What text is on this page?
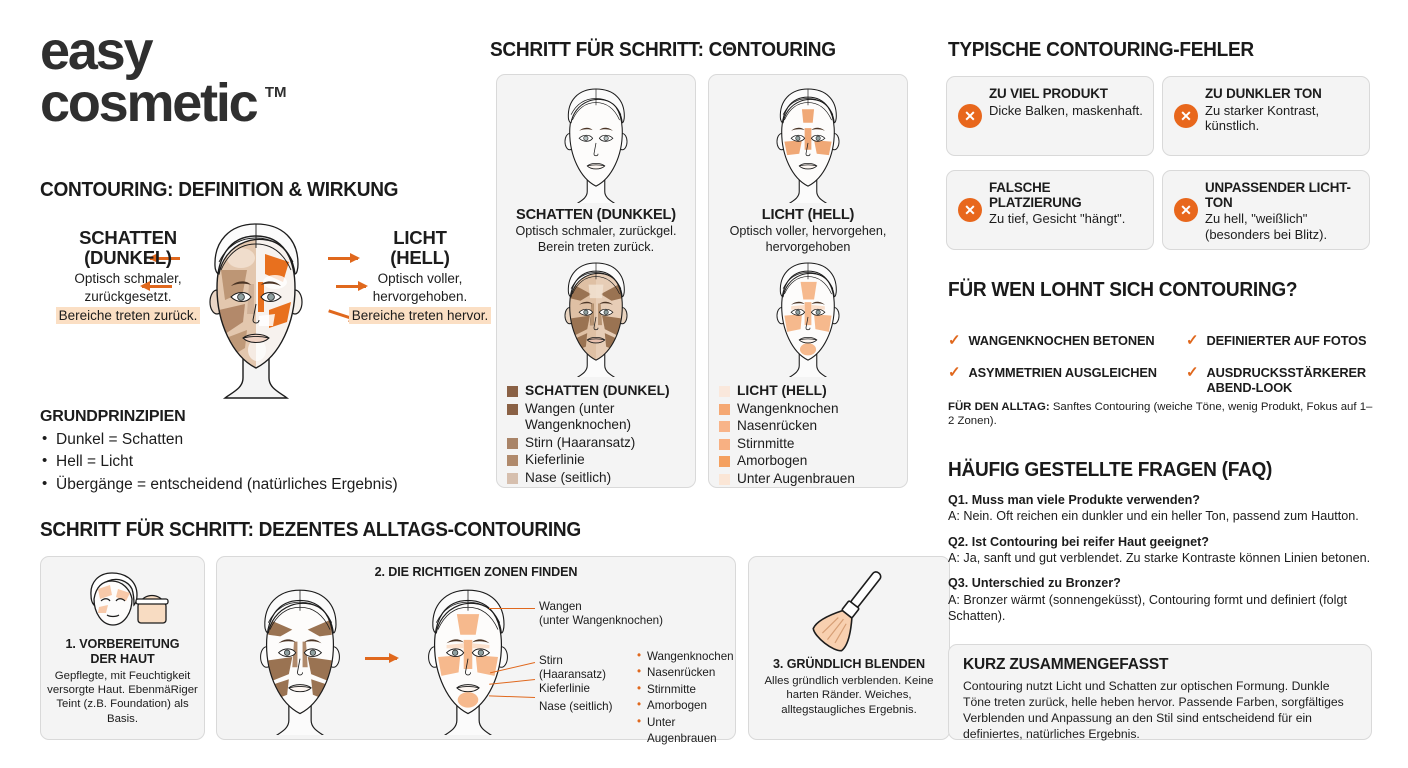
easy
cosmetic TM
CONTOURING: DEFINITION & WIRKUNG
SCHATTEN
(DUNKEL)
Optisch schmaler,
zurückgesetzt.
Bereiche treten zurück.
LICHT
(HELL)
Optisch voller,
hervorgehoben.
Bereiche treten hervor.
GRUNDPRINZIPIEN
• Dunkel = Schatten
• Hell = Licht
• Übergänge = entscheidend (natürliches Ergebnis)
SCHRITT FÜR SCHRITT: DEZENTES ALLTAGS-CONTOURING
1. VORBEREITUNG
DER HAUT
Gepflegte, mit Feuchtigkeit versorgte Haut. EbenmäRiger Teint (z.B. Foundation) als Basis.
2. DIE RICHTIGEN ZONEN FINDEN
Wangen
(unter Wangenknochen)
Stirn
(Haaransatz)
Kieferlinie
Nase (seitlich)
• Wangenknochen
• Nasenrücken
• Stirnmitte
• Amorbogen
• Unter Augenbrauen
3. GRÜNDLICH BLENDEN
Alles gründlich verblenden. Keine harten Ränder. Weiches, alltegstaugliches Ergebnis.
SCHRITT FÜR SCHRITT: CΘNTOURING
SCHATTEN (DUNKKEL)
Optisch schmaler, zurückgel.
Berein treten zurück.
SCHATTEN (DUNKEL)
Wangen (unter Wangenknochen)
Stirn (Haaransatz)
Kieferlinie
Nase (seitlich)
LICHT (HELL)
Optisch voller, hervorgehen,
hervorgehoben
LICHT (HELL)
Wangenknochen
Nasenrücken
Stirnmitte
Amorbogen
Unter Augenbrauen
TYPISCHE CONTOURING-FEHLER
✕
ZU VIEL PRODUKT
Dicke Balken, maskenhaft.	✕
ZU DUNKLER TON
Zu starker Kontrast, künstlich.
✕
FALSCHE PLATZIERUNG
Zu tief, Gesicht "hängt".
✕
UNPASSENDER LICHT-TON
Zu hell, "weißlich" (besonders bei Blitz).
FÜR WEN LOHNT SICH CONTOURING?
✓ WANGENKNOCHEN BETONEN ✓ DEFINIERTER AUF FOTOS
✓ ASYMMETRIEN AUSGLEICHEN ✓ AUSDRUCKSSTÄRKERER ABEND-LOOK
FÜR DEN ALLTAG: Sanftes Contouring (weiche Töne, wenig Produkt, Fokus auf 1–2 Zonen).
HÄUFIG GESTELLTE FRAGEN (FAQ)
Q1. Muss man viele Produkte verwenden?
A: Nein. Oft reichen ein dunkler und ein heller Ton, passend zum Hautton.
Q2. Ist Contouring bei reifer Haut geeignet?
A: Ja, sanft und gut verblendet. Zu starke Kontraste können Linien betonen.
Q3. Unterschied zu Bronzer?
A: Bronzer wärmt (sonnengeküsst), Contouring formt und definiert (folgt Schatten).
KURZ ZUSAMMENGEFASST
Contouring nutzt Licht und Schatten zur optischen Formung. Dunkle Töne treten zurück, helle heben hervor. Passende Farben, sorgfältiges Verblenden und Anpassung an den Stil sind entscheidend für ein definiertes, natürliches Ergebnis.
